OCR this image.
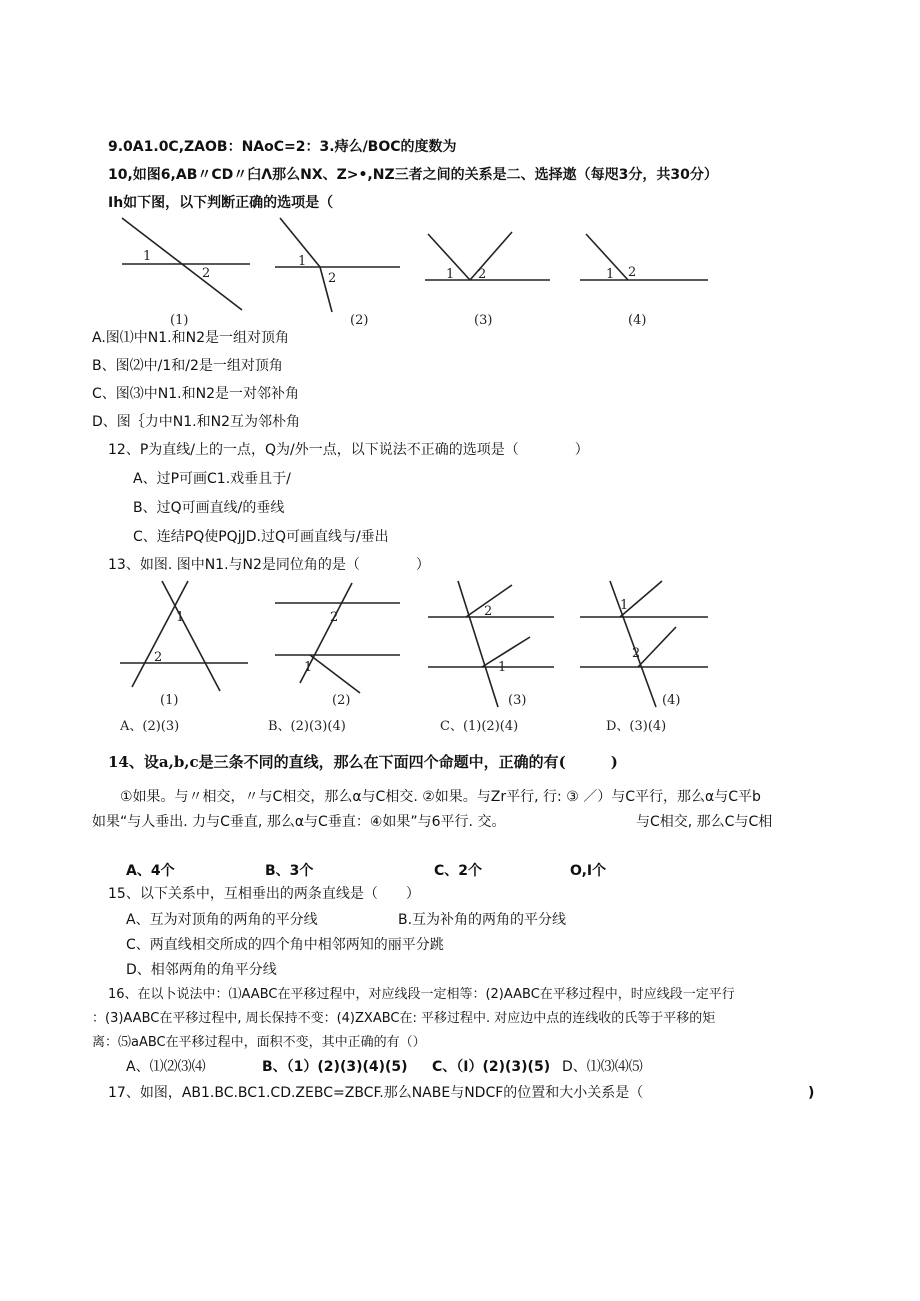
9.0A1.0C,ZAOB：NAoC=2：3.痔么/BOC的度数为
10,如图6,AB〃CD〃臼Λ那么NX、Z>•,NZ三者之间的关系是二、选择遨（每咫3分，共30分）
Ih如下图，以下判断正确的选项是（
1
2
(1)
1
2
(2)
1 2
(3)
1 2
(4)
A.图⑴中N1.和N2是一组对顶角
B、图⑵中/1和/2是一组对顶角
C、图⑶中N1.和N2是一对邻补角
D、图｛力中N1.和N2互为邻朴角
12、P为直线/上的一点，Q为/外一点，以下说法不正确的选项是（　　　　）
A、过P可画C1.戏垂且于/
B、过Q可画直线/的垂线
C、连结PQ使PQjJD.过Q可画直线与/垂出
13、如图. 图中N1.与N2是同位角的是（　　　　）
1
2
(1)
2
1
(2)
2
1
(3)
1
2
(4)
A、(2)(3)	B、(2)(3)(4)	C、(1)(2)(4)	D、(3)(4)
14、设a,b,c是三条不同的直线，那么在下面四个命题中，正确的有(　　　)
①如果。与〃相交，〃与C相交，那么α与C相交. ②如果。与Zr平行, 行: ③ ／）与C平行，那么α与C平b
如果“与人垂出. 力与C垂直, 那么α与C垂直：④如果”与6平行. 交。	与C相交, 那么C与C相
A、4个	B、3个	C、2个	O,I个
15、以下关系中，互相垂出的两条直线是（　　）
A、互为对顶角的两角的平分线	B.互为补角的两角的平分线
C、两直线相交所成的四个角中相邻两知的丽平分跳
D、相邻两角的角平分线
16、在以卜说法中：⑴AABC在平移过程中，对应线段一定相等：(2)AABC在平移过程中，时应线段一定平行
：(3)AABC在平移过程中, 周长保持不变：(4)ZXABC在: 平移过程中. 对应边中点的连线收的氏等于平移的矩
离：⑸aABC在平移过程中，面积不变，其中正确的有（）
A、⑴⑵⑶⑷	B、（1）(2)(3)(4)(5) C、（I）(2)(3)(5) D、⑴⑶⑷⑸
17、如图，AB1.BC.BC1.CD.ZEBC=ZBCF.那么NABE与NDCF的位置和大小关系是（	)
